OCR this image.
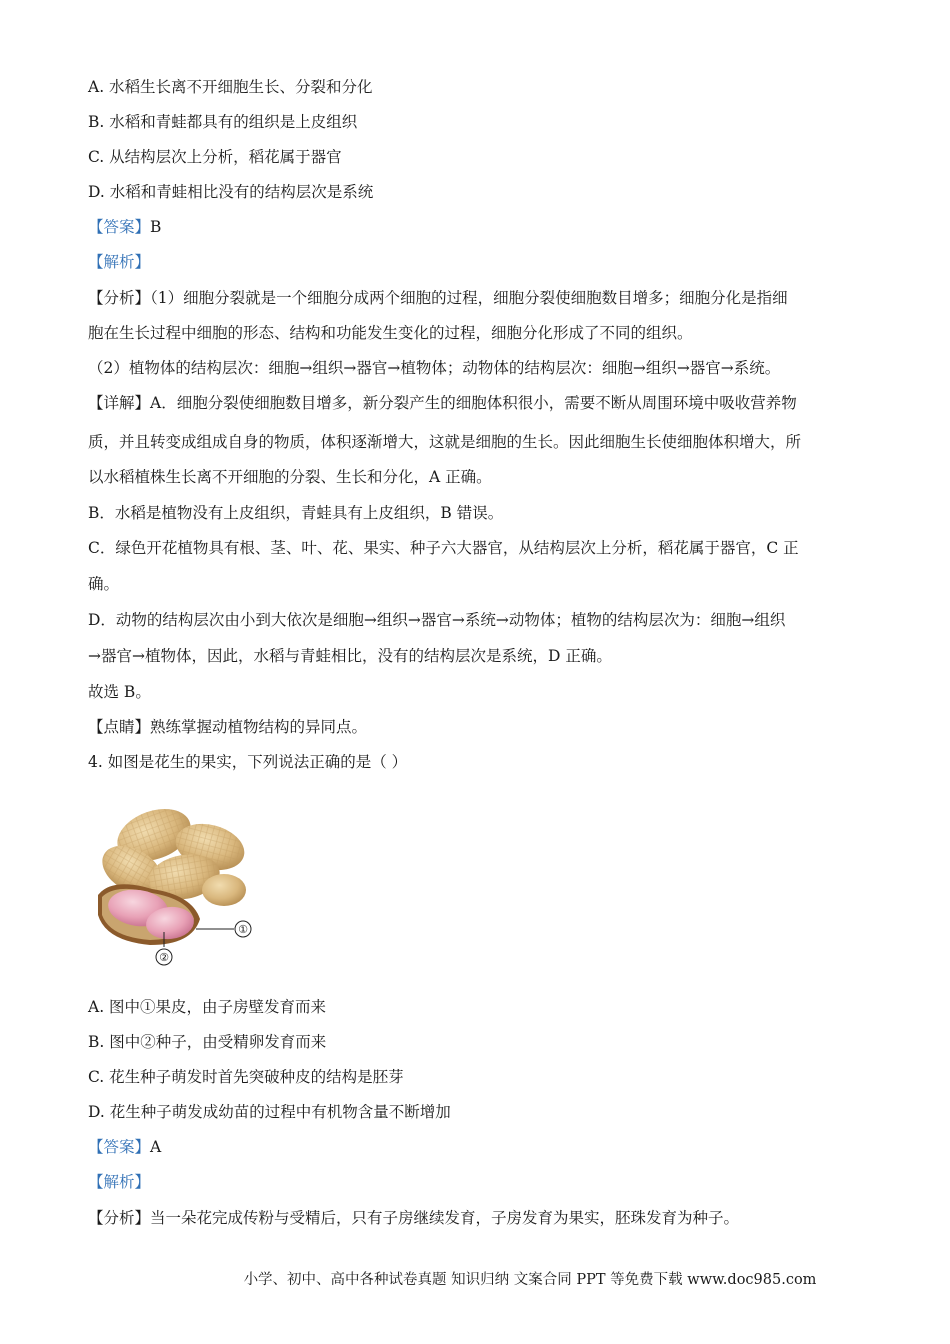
A. 水稻生长离不开细胞生长、分裂和分化
B. 水稻和青蛙都具有的组织是上皮组织
C. 从结构层次上分析，稻花属于器官
D. 水稻和青蛙相比没有的结构层次是系统
【答案】B
【解析】
【分析】（1）细胞分裂就是一个细胞分成两个细胞的过程，细胞分裂使细胞数目增多；细胞分化是指细
胞在生长过程中细胞的形态、结构和功能发生变化的过程，细胞分化形成了不同的组织。
（2）植物体的结构层次：细胞→组织→器官→植物体；动物体的结构层次：细胞→组织→器官→系统。
【详解】A．细胞分裂使细胞数目增多，新分裂产生的细胞体积很小，需要不断从周围环境中吸收营养物
质，并且转变成组成自身的物质，体积逐渐增大，这就是细胞的生长。因此细胞生长使细胞体积增大，所
以水稻植株生长离不开细胞的分裂、生长和分化，A 正确。
B．水稻是植物没有上皮组织，青蛙具有上皮组织，B 错误。
C．绿色开花植物具有根、茎、叶、花、果实、种子六大器官，从结构层次上分析，稻花属于器官，C 正
确。
D．动物的结构层次由小到大依次是细胞→组织→器官→系统→动物体；植物的结构层次为：细胞→组织
→器官→植物体，因此，水稻与青蛙相比，没有的结构层次是系统，D 正确。
故选 B。
【点睛】熟练掌握动植物结构的异同点。
4. 如图是花生的果实，下列说法正确的是（ ）
①
②
A. 图中①果皮，由子房壁发育而来
B. 图中②种子，由受精卵发育而来
C. 花生种子萌发时首先突破种皮的结构是胚芽
D. 花生种子萌发成幼苗的过程中有机物含量不断增加
【答案】A
【解析】
【分析】当一朵花完成传粉与受精后，只有子房继续发育，子房发育为果实，胚珠发育为种子。
小学、初中、高中各种试卷真题 知识归纳 文案合同 PPT 等免费下载 www.doc985.com
